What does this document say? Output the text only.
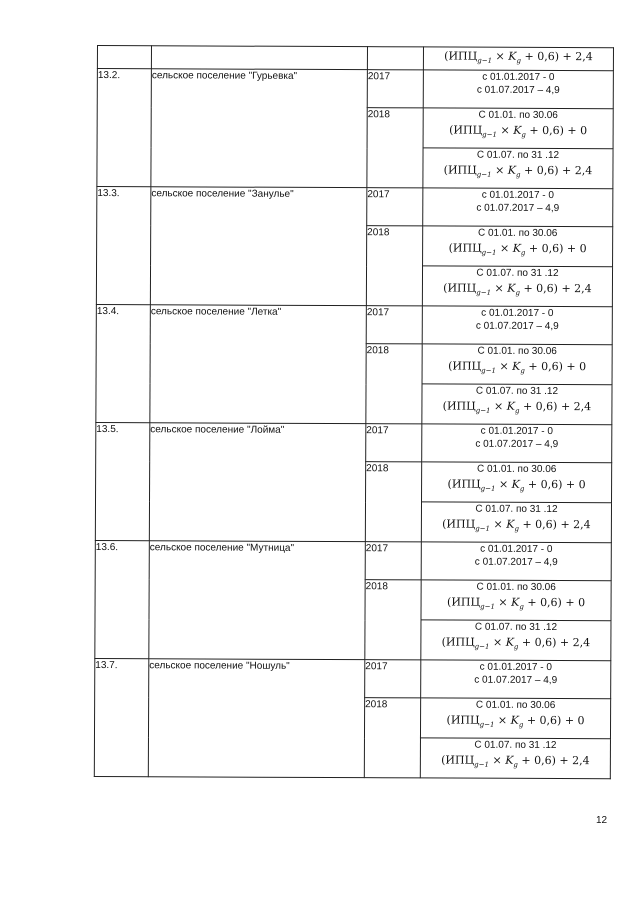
			$(ИПЦ_{g-1} \times K_g + 0,6) + 2,4$
13.2.	сельское поселение "Гурьевка"	2017	с 01.01.2017 - 0
с 01.07.2017 – 4,9

		2018	С 01.01. по 30.06
$(ИПЦ_{g-1} \times K_g + 0,6) + 0$

			С 01.07. по 31 .12
$(ИПЦ_{g-1} \times K_g + 0,6) + 2,4$
13.3.	сельское поселение "Занулье"	2017	с 01.01.2017 - 0
с 01.07.2017 – 4,9

		2018	С 01.01. по 30.06
$(ИПЦ_{g-1} \times K_g + 0,6) + 0$

			С 01.07. по 31 .12
$(ИПЦ_{g-1} \times K_g + 0,6) + 2,4$
13.4.	сельское поселение "Летка"	2017	с 01.01.2017 - 0
с 01.07.2017 – 4,9

		2018	С 01.01. по 30.06
$(ИПЦ_{g-1} \times K_g + 0,6) + 0$

			С 01.07. по 31 .12
$(ИПЦ_{g-1} \times K_g + 0,6) + 2,4$
13.5.	сельское поселение "Лойма"	2017	с 01.01.2017 - 0
с 01.07.2017 – 4,9

		2018	С 01.01. по 30.06
$(ИПЦ_{g-1} \times K_g + 0,6) + 0$

			С 01.07. по 31 .12
$(ИПЦ_{g-1} \times K_g + 0,6) + 2,4$
13.6.	сельское поселение "Мутница"	2017	с 01.01.2017 - 0
с 01.07.2017 – 4,9

		2018	С 01.01. по 30.06
$(ИПЦ_{g-1} \times K_g + 0,6) + 0$

			С 01.07. по 31 .12
$(ИПЦ_{g-1} \times K_g + 0,6) + 2,4$
13.7.	сельское поселение "Ношуль"	2017	с 01.01.2017 - 0
с 01.07.2017 – 4,9

		2018	С 01.01. по 30.06
$(ИПЦ_{g-1} \times K_g + 0,6) + 0$

			С 01.07. по 31 .12
$(ИПЦ_{g-1} \times K_g + 0,6) + 2,4$
12
